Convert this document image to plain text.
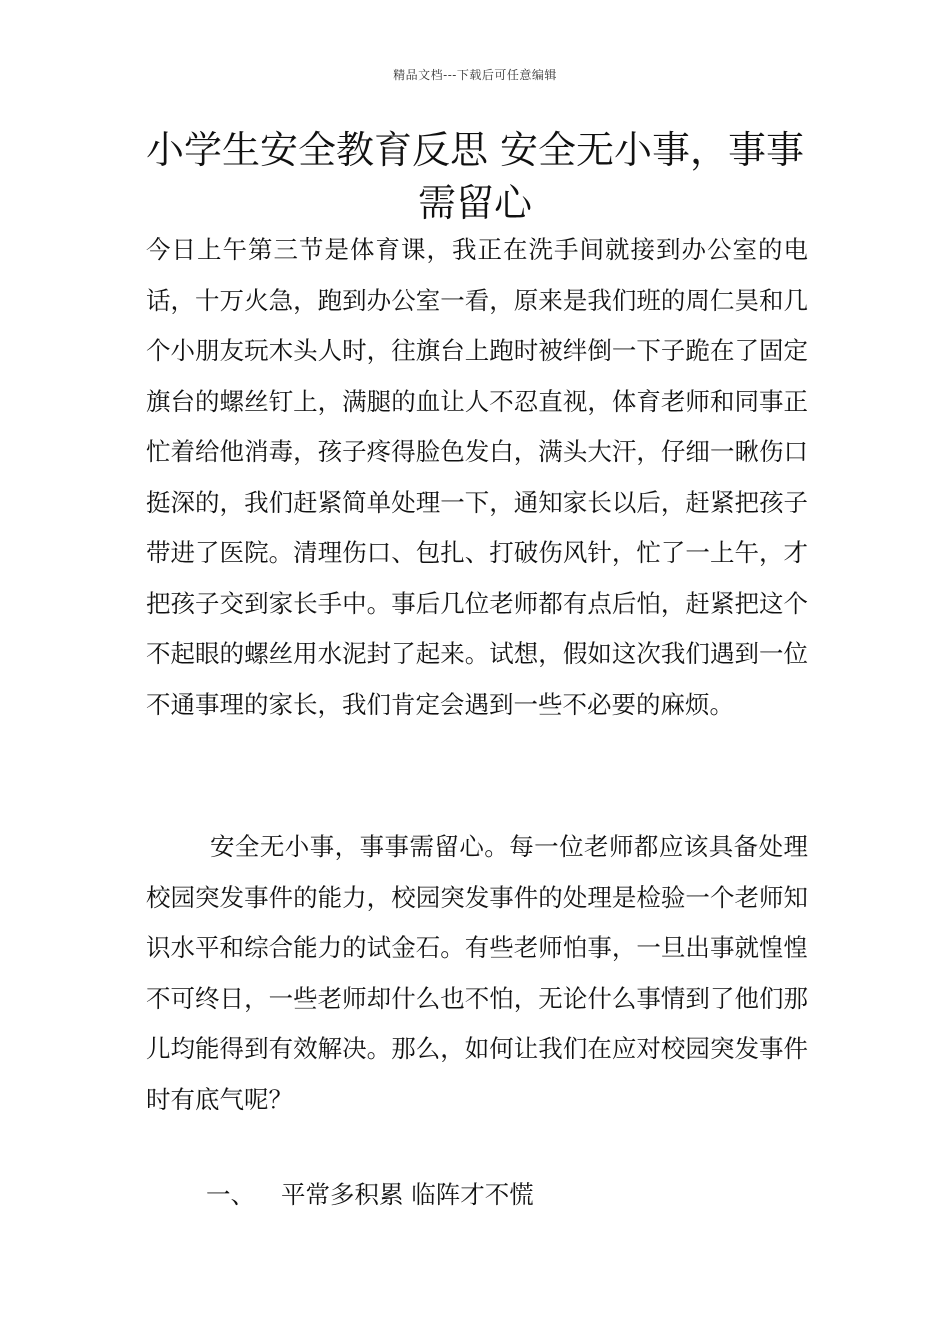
精品文档---下载后可任意编辑
小学生安全教育反思 安全无小事，事事需留心

今日上午第三节是体育课，我正在洗手间就接到办公室的电话，十万火急，跑到办公室一看，原来是我们班的周仁昊和几个小朋友玩木头人时，往旗台上跑时被绊倒一下子跪在了固定旗台的螺丝钉上，满腿的血让人不忍直视，体育老师和同事正忙着给他消毒，孩子疼得脸色发白，满头大汗，仔细一瞅伤口挺深的，我们赶紧简单处理一下，通知家长以后，赶紧把孩子带进了医院。清理伤口、包扎、打破伤风针，忙了一上午，才把孩子交到家长手中。事后几位老师都有点后怕，赶紧把这个不起眼的螺丝用水泥封了起来。试想，假如这次我们遇到一位不通事理的家长，我们肯定会遇到一些不必要的麻烦。

安全无小事，事事需留心。每一位老师都应该具备处理校园突发事件的能力，校园突发事件的处理是检验一个老师知识水平和综合能力的试金石。有些老师怕事，一旦出事就惶惶不可终日，一些老师却什么也不怕，无论什么事情到了他们那儿均能得到有效解决。那么，如何让我们在应对校园突发事件时有底气呢？

一、 平常多积累 临阵才不慌
